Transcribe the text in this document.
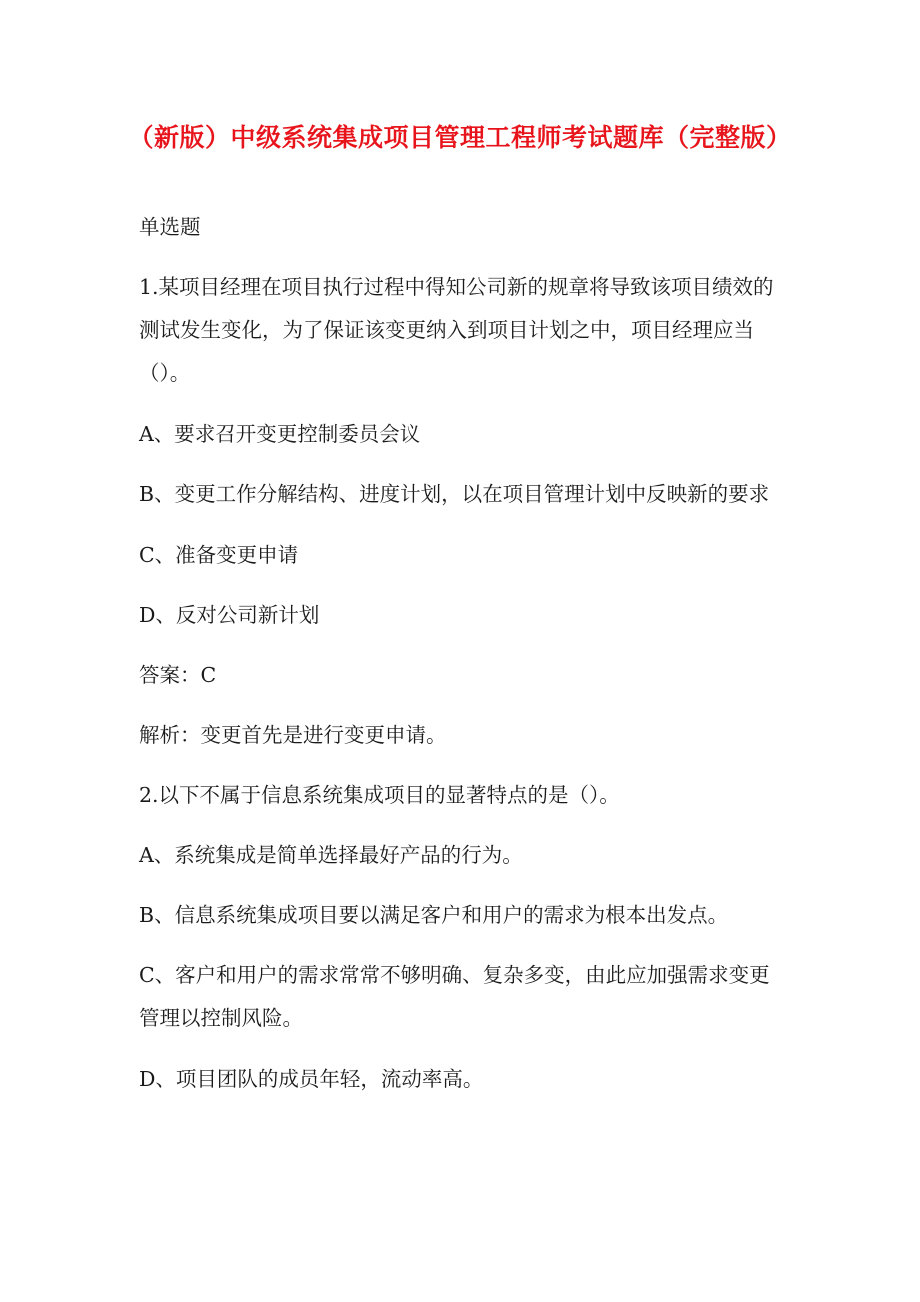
（新版）中级系统集成项目管理工程师考试题库（完整版）

单选题

1.某项目经理在项目执行过程中得知公司新的规章将导致该项目绩效的测试发生变化，为了保证该变更纳入到项目计划之中，项目经理应当（）。

A、要求召开变更控制委员会议

B、变更工作分解结构、进度计划，以在项目管理计划中反映新的要求

C、准备变更申请

D、反对公司新计划

答案：C

解析：变更首先是进行变更申请。

2.以下不属于信息系统集成项目的显著特点的是（）。

A、系统集成是简单选择最好产品的行为。

B、信息系统集成项目要以满足客户和用户的需求为根本出发点。

C、客户和用户的需求常常不够明确、复杂多变，由此应加强需求变更管理以控制风险。

D、项目团队的成员年轻，流动率高。
